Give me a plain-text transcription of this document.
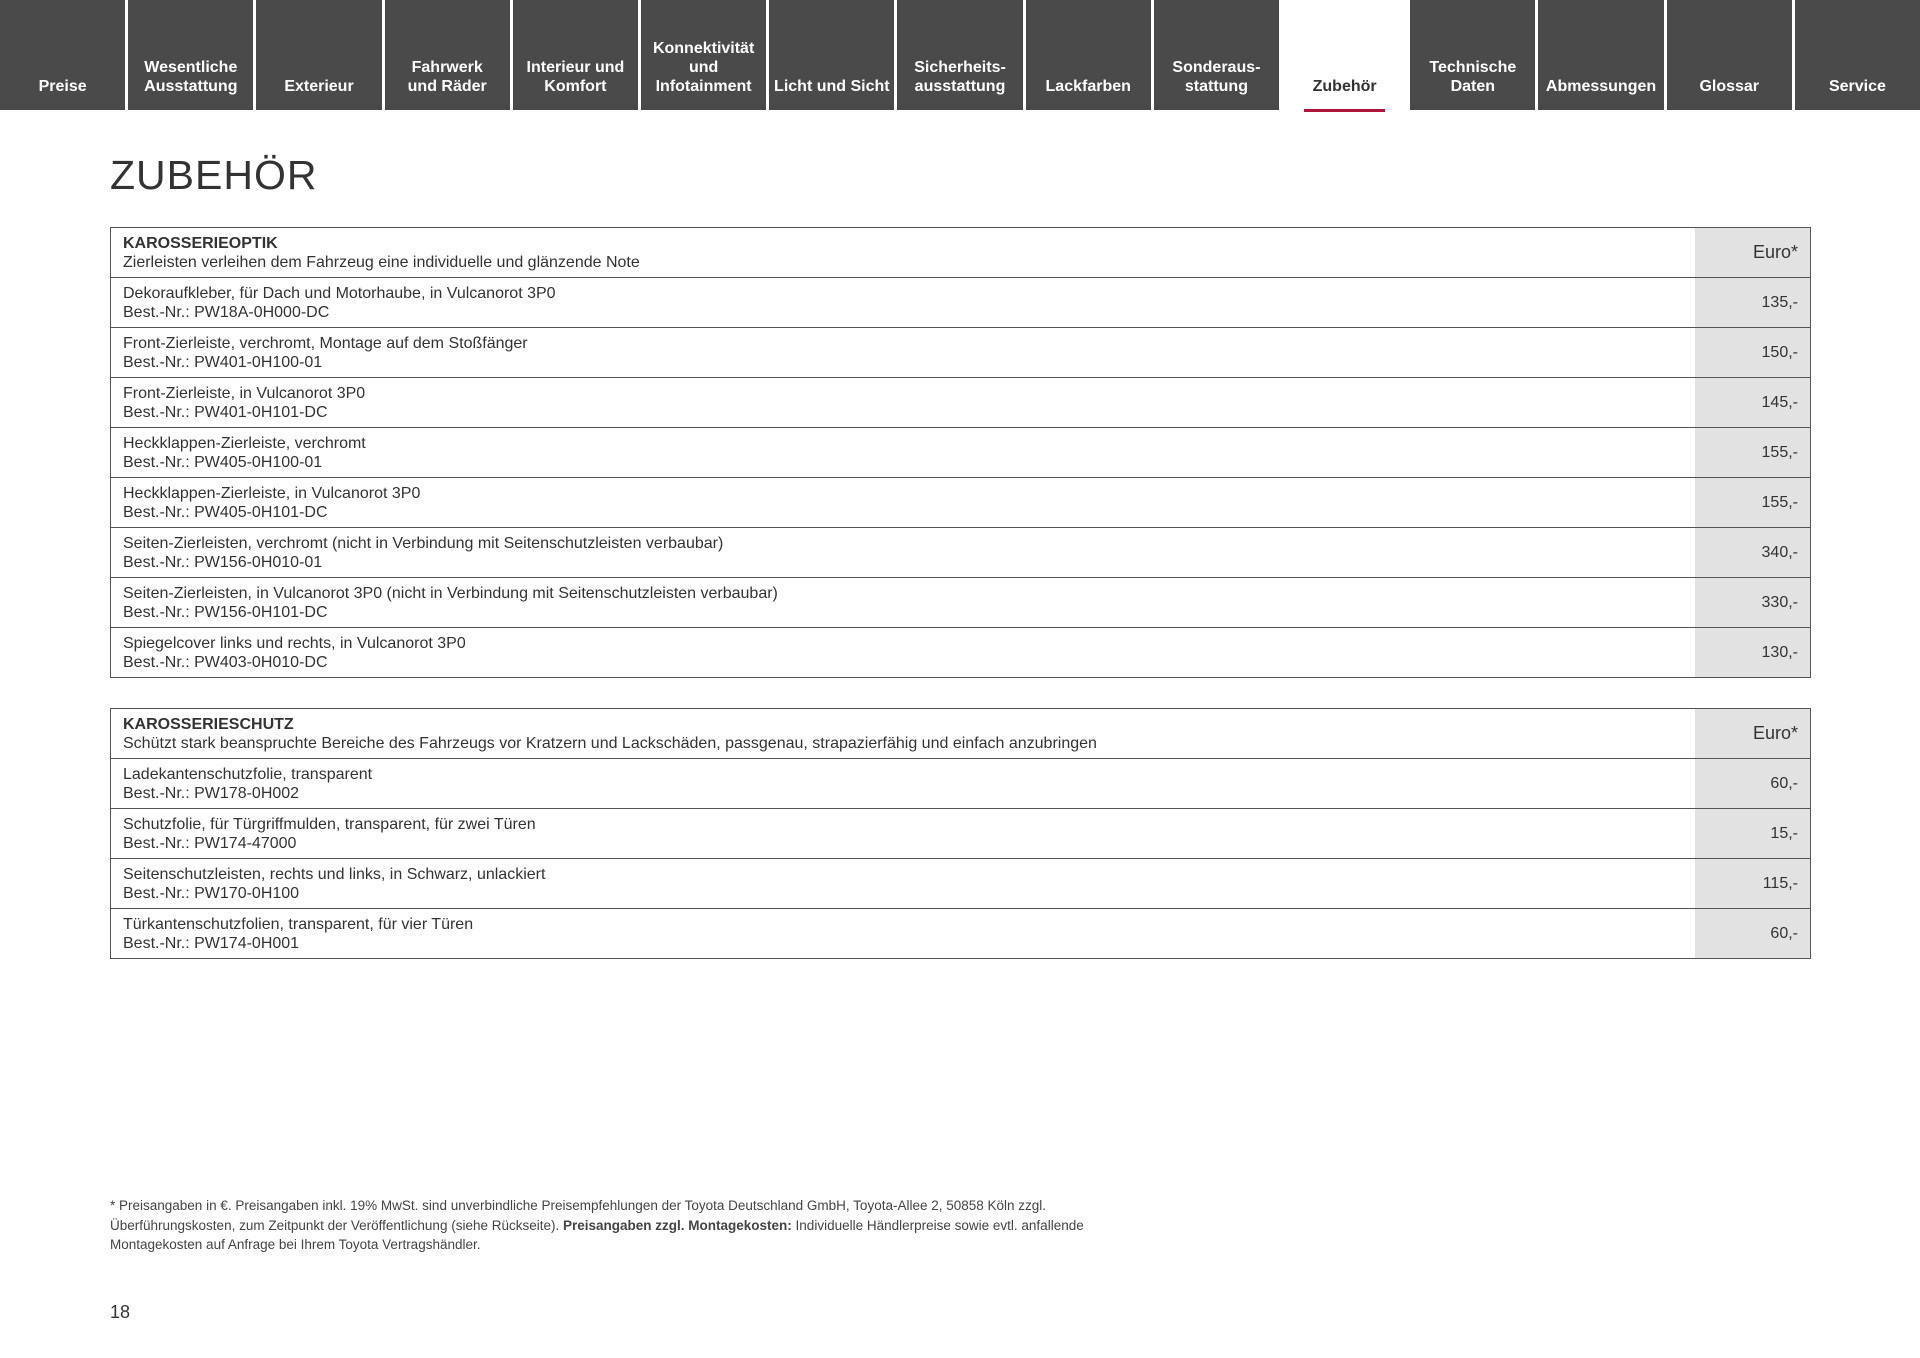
Preise
Wesentliche
Ausstattung	Exterieur
Fahrwerk
und Räder
Interieur und
Komfort
Konnektivität
und
Infotainment	Licht und Sicht
Sicherheits-
ausstattung	Lackfarben
Sonderaus-
stattung	Zubehör
Technische
Daten	Abmessungen	Glossar	Service
ZUBEHÖR
KAROSSERIEOPTIK
Zierleisten verleihen dem Fahrzeug eine individuelle und glänzende Note	Euro*

Dekoraufkleber, für Dach und Motorhaube, in Vulcanorot 3P0
Best.-Nr.: PW18A-0H000-DC	135,-

Front-Zierleiste, verchromt, Montage auf dem Stoßfänger
Best.-Nr.: PW401-0H100-01	150,-

Front-Zierleiste, in Vulcanorot 3P0
Best.-Nr.: PW401-0H101-DC	145,-

Heckklappen-Zierleiste, verchromt
Best.-Nr.: PW405-0H100-01	155,-

Heckklappen-Zierleiste, in Vulcanorot 3P0
Best.-Nr.: PW405-0H101-DC	155,-

Seiten-Zierleisten, verchromt (nicht in Verbindung mit Seitenschutzleisten verbaubar)
Best.-Nr.: PW156-0H010-01	340,-

Seiten-Zierleisten, in Vulcanorot 3P0 (nicht in Verbindung mit Seitenschutzleisten verbaubar)
Best.-Nr.: PW156-0H101-DC	330,-

Spiegelcover links und rechts, in Vulcanorot 3P0
Best.-Nr.: PW403-0H010-DC	130,-
KAROSSERIESCHUTZ
Schützt stark beanspruchte Bereiche des Fahrzeugs vor Kratzern und Lackschäden, passgenau, strapazierfähig und einfach anzubringen	Euro*

Ladekantenschutzfolie, transparent
Best.-Nr.: PW178-0H002	60,-

Schutzfolie, für Türgriffmulden, transparent, für zwei Türen
Best.-Nr.: PW174-47000	15,-

Seitenschutzleisten, rechts und links, in Schwarz, unlackiert
Best.-Nr.: PW170-0H100	115,-

Türkantenschutzfolien, transparent, für vier Türen
Best.-Nr.: PW174-0H001	60,-
* Preisangaben in €. Preisangaben inkl. 19% MwSt. sind unverbindliche Preisempfehlungen der Toyota Deutschland GmbH, Toyota-Allee 2, 50858 Köln zzgl. Überführungskosten, zum Zeitpunkt der Veröffentlichung (siehe Rückseite). Preisangaben zzgl. Montagekosten: Individuelle Händlerpreise sowie evtl. anfallende Montagekosten auf Anfrage bei Ihrem Toyota Vertragshändler.
18
